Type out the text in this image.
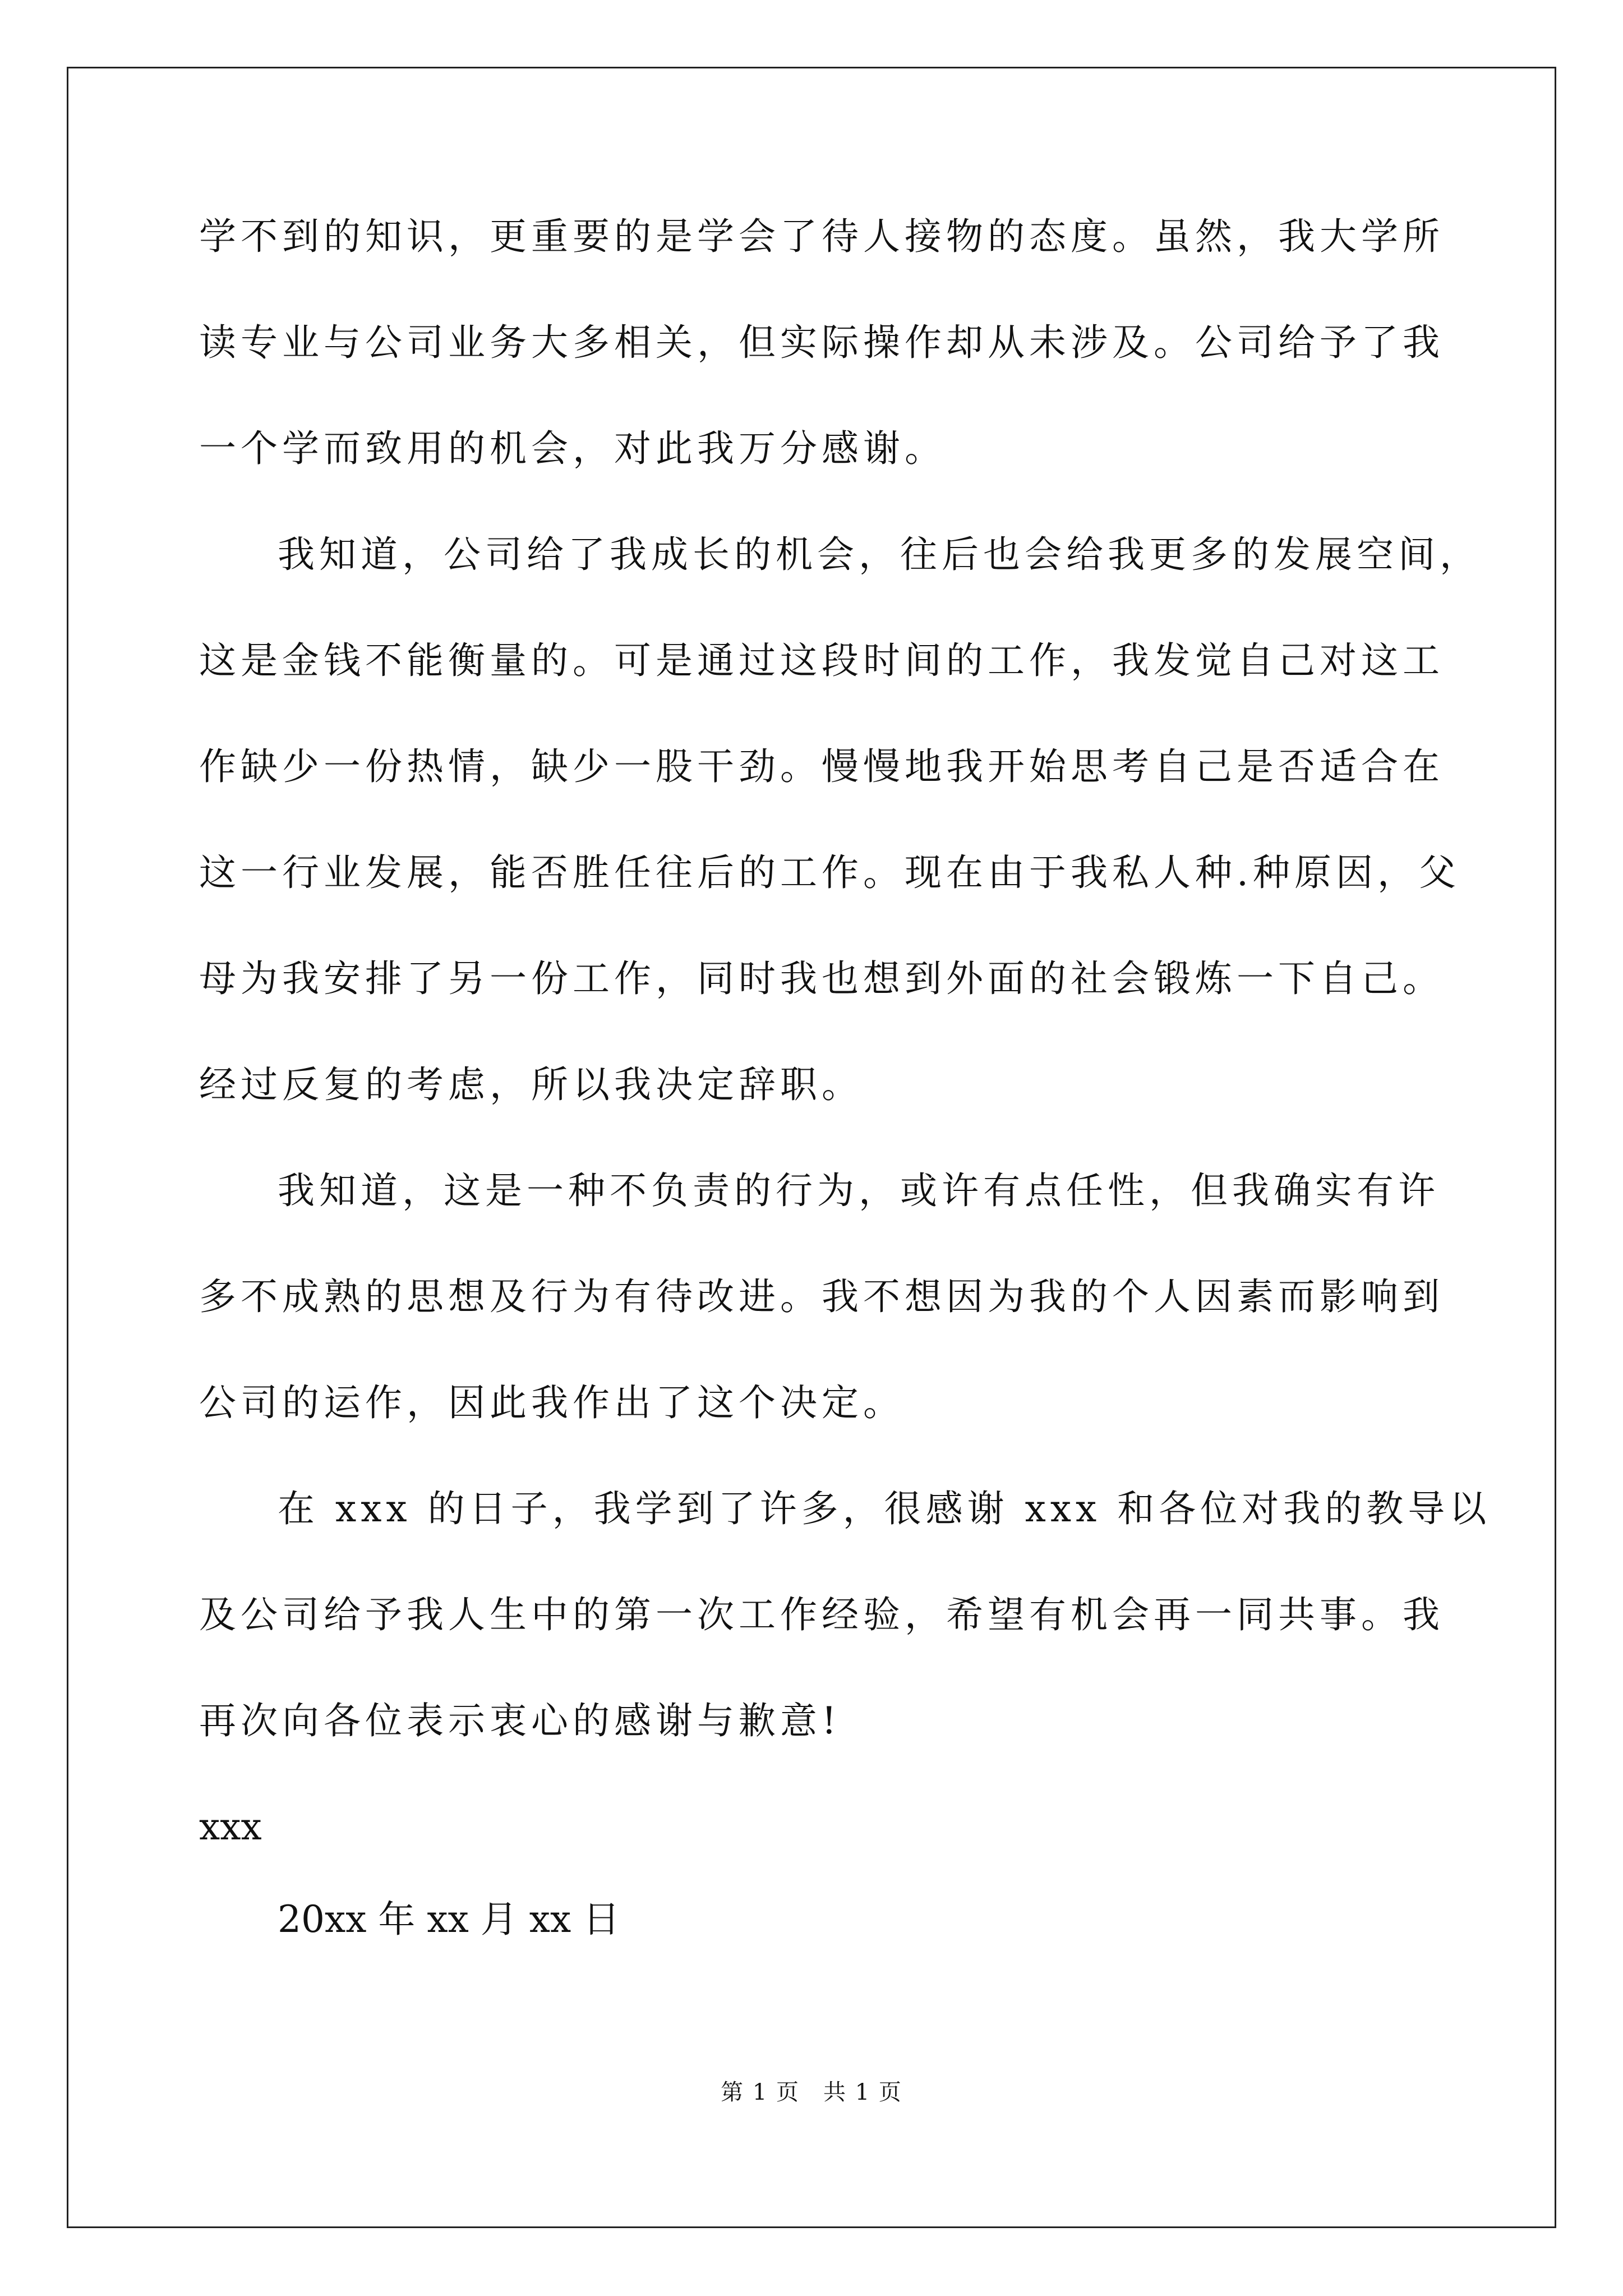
学不到的知识，更重要的是学会了待人接物的态度。虽然，我大学所
读专业与公司业务大多相关，但实际操作却从未涉及。公司给予了我
一个学而致用的机会，对此我万分感谢。
我知道，公司给了我成长的机会，往后也会给我更多的发展空间，
这是金钱不能衡量的。可是通过这段时间的工作，我发觉自己对这工
作缺少一份热情，缺少一股干劲。慢慢地我开始思考自己是否适合在
这一行业发展，能否胜任往后的工作。现在由于我私人种.种原因，父
母为我安排了另一份工作，同时我也想到外面的社会锻炼一下自己。
经过反复的考虑，所以我决定辞职。
我知道，这是一种不负责的行为，或许有点任性，但我确实有许
多不成熟的思想及行为有待改进。我不想因为我的个人因素而影响到
公司的运作，因此我作出了这个决定。
在 xxx 的日子，我学到了许多，很感谢 xxx 和各位对我的教导以
及公司给予我人生中的第一次工作经验，希望有机会再一同共事。我
再次向各位表示衷心的感谢与歉意!
xxx
20xx 年 xx 月 xx 日
第 1 页　共 1 页
